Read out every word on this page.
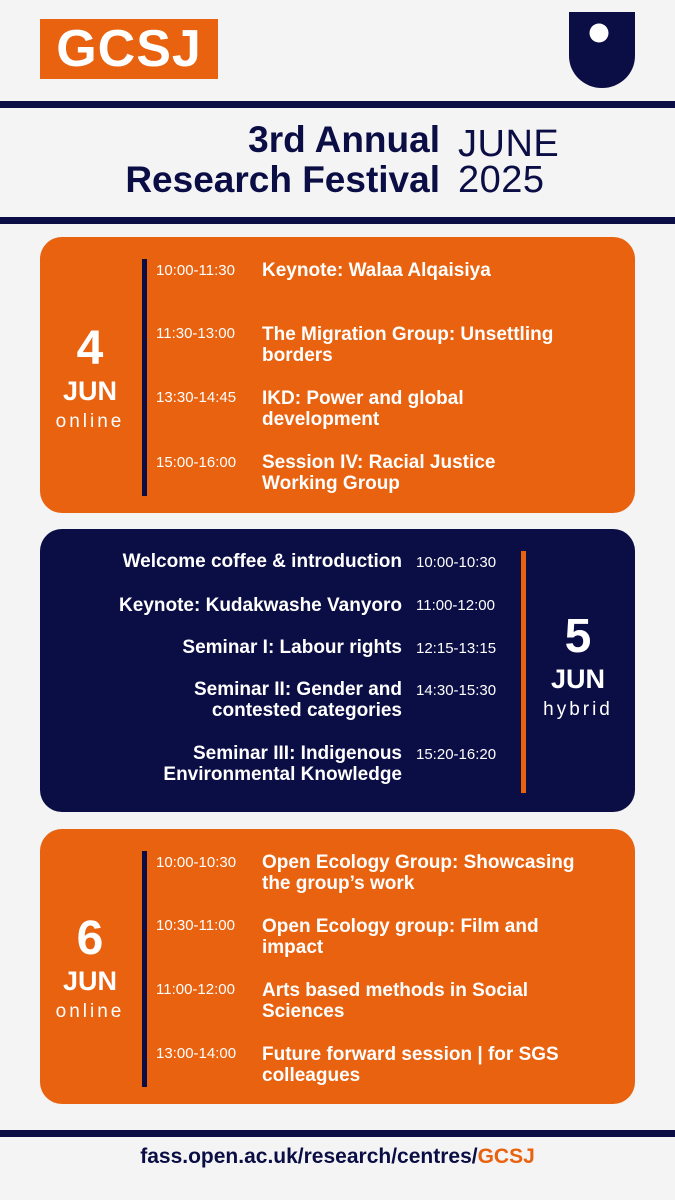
GCSJ
3rd Annual
Research Festival
JUNE
2025
4
JUN
online
10:00-11:30 Keynote: Walaa Alqaisiya
11:30-13:00 The Migration Group: Unsettling
borders
13:30-14:45 IKD: Power and global
development
15:00-16:00 Session IV: Racial Justice
Working Group
Welcome coffee & introduction 10:00-10:30
Keynote: Kudakwashe Vanyoro 11:00-12:00
Seminar I: Labour rights 12:15-13:15
Seminar II: Gender and
contested categories
14:30-15:30
Seminar III: Indigenous
Environmental Knowledge
15:20-16:20
5
JUN
hybrid
6
JUN
online
10:00-10:30 Open Ecology Group: Showcasing
the group’s work
10:30-11:00 Open Ecology group: Film and
impact
11:00-12:00 Arts based methods in Social
Sciences
13:00-14:00 Future forward session | for SGS
colleagues
fass.open.ac.uk/research/centres/GCSJ
